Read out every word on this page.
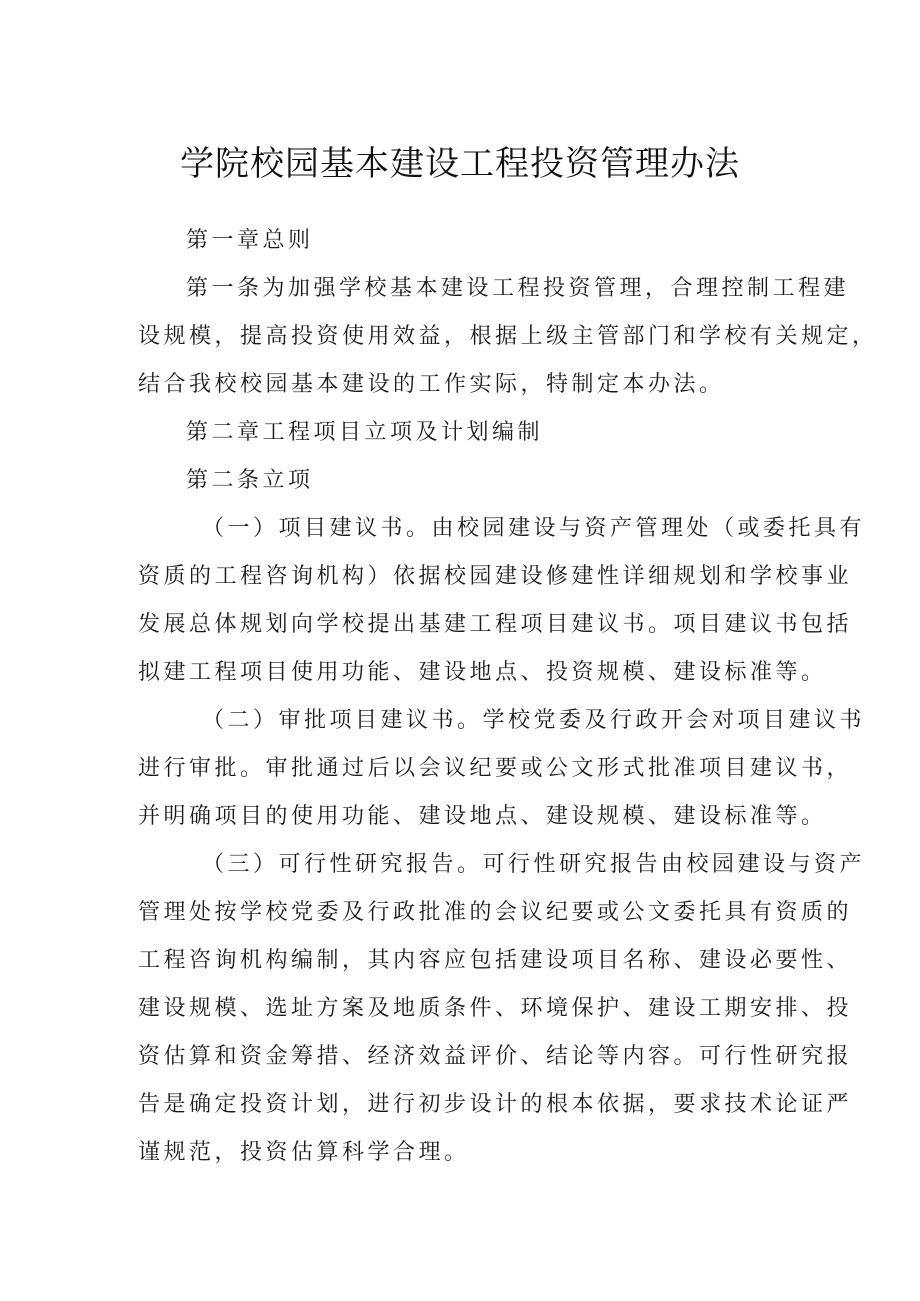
学院校园基本建设工程投资管理办法
第一章总则
第一条为加强学校基本建设工程投资管理，合理控制工程建
设规模，提高投资使用效益，根据上级主管部门和学校有关规定，
结合我校校园基本建设的工作实际，特制定本办法。
第二章工程项目立项及计划编制
第二条立项
（一）项目建议书。由校园建设与资产管理处（或委托具有
资质的工程咨询机构）依据校园建设修建性详细规划和学校事业
发展总体规划向学校提出基建工程项目建议书。项目建议书包括
拟建工程项目使用功能、建设地点、投资规模、建设标准等。
（二）审批项目建议书。学校党委及行政开会对项目建议书
进行审批。审批通过后以会议纪要或公文形式批准项目建议书，
并明确项目的使用功能、建设地点、建设规模、建设标准等。
（三）可行性研究报告。可行性研究报告由校园建设与资产
管理处按学校党委及行政批准的会议纪要或公文委托具有资质的
工程咨询机构编制，其内容应包括建设项目名称、建设必要性、
建设规模、选址方案及地质条件、环境保护、建设工期安排、投
资估算和资金筹措、经济效益评价、结论等内容。可行性研究报
告是确定投资计划，进行初步设计的根本依据，要求技术论证严
谨规范，投资估算科学合理。
